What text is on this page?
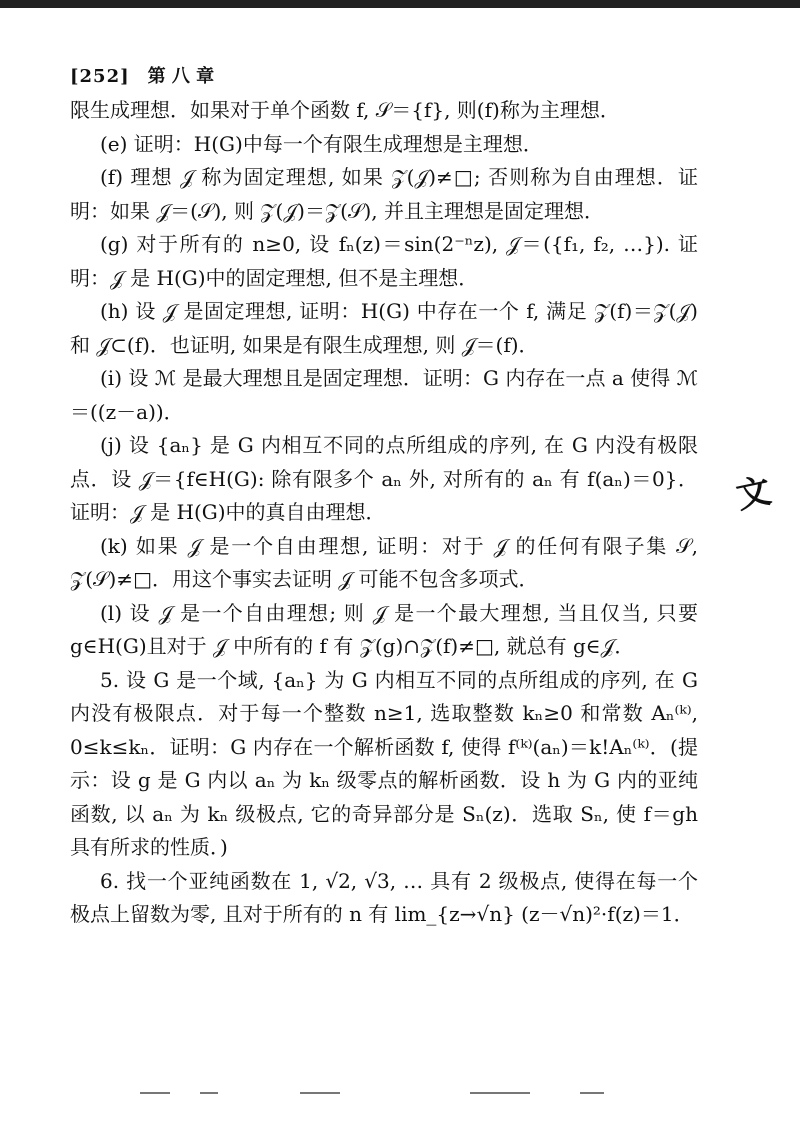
[252] 第 八 章

限生成理想．如果对于单个函数 f, 𝒮＝{f}, 则(f)称为主理想．

(e) 证明：H(G)中每一个有限生成理想是主理想．

(f) 理想 𝒥 称为固定理想, 如果 𝒵(𝒥)≠□; 否则称为自由理想．证明：如果 𝒥＝(𝒮), 则 𝒵(𝒥)＝𝒵(𝒮), 并且主理想是固定理想．

(g) 对于所有的 n≥0, 设 fₙ(z)＝sin(2⁻ⁿz), 𝒥＝({f₁, f₂, …}). 证明：𝒥 是 H(G)中的固定理想, 但不是主理想．

(h) 设 𝒥 是固定理想, 证明：H(G) 中存在一个 f, 满足 𝒵(f)＝𝒵(𝒥)和 𝒥⊂(f)．也证明, 如果是有限生成理想, 则 𝒥＝(f)．

(i) 设 ℳ 是最大理想且是固定理想．证明：G 内存在一点 a 使得 ℳ＝((z－a))．

(j) 设 {aₙ} 是 G 内相互不同的点所组成的序列, 在 G 内没有极限点．设 𝒥＝{f∈H(G): 除有限多个 aₙ 外, 对所有的 aₙ 有 f(aₙ)＝0}．证明：𝒥 是 H(G)中的真自由理想．

(k) 如果 𝒥 是一个自由理想, 证明：对于 𝒥 的任何有限子集 𝒮, 𝒵(𝒮)≠□．用这个事实去证明 𝒥 可能不包含多项式．

(l) 设 𝒥 是一个自由理想; 则 𝒥 是一个最大理想, 当且仅当, 只要 g∈H(G)且对于 𝒥 中所有的 f 有 𝒵(g)∩𝒵(f)≠□, 就总有 g∈𝒥．

5. 设 G 是一个域, {aₙ} 为 G 内相互不同的点所组成的序列, 在 G 内没有极限点．对于每一个整数 n≥1, 选取整数 kₙ≥0 和常数 Aₙ⁽ᵏ⁾, 0≤k≤kₙ．证明：G 内存在一个解析函数 f, 使得 f⁽ᵏ⁾(aₙ)＝k!Aₙ⁽ᵏ⁾．(提示：设 g 是 G 内以 aₙ 为 kₙ 级零点的解析函数．设 h 为 G 内的亚纯函数, 以 aₙ 为 kₙ 级极点, 它的奇异部分是 Sₙ(z)．选取 Sₙ, 使 f＝gh 具有所求的性质．)

6. 找一个亚纯函数在 1, √2, √3, … 具有 2 级极点, 使得在每一个极点上留数为零, 且对于所有的 n 有 lim_{z→√n} (z－√n)²·f(z)＝1．

文
